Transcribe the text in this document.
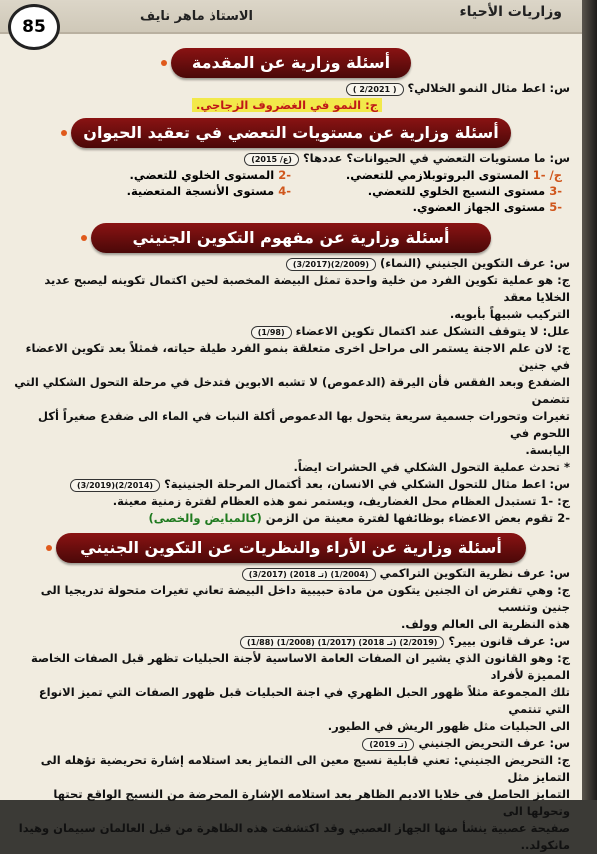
85
الاستاذ ماهر نايف	وزاريات الأحياء
أسئلة وزارية عن المقدمة
س: اعط مثال النمو الخلالي؟( 2/2021 )
ج: النمو في الغضروف الزجاجي.
أسئلة وزارية عن مستويات التعضي في تعقيد الحيوان
س: ما مستويات التعضي في الحيوانات؟ عددها؟(2015 /ع)
ج/ -1 المستوى البروتوبلازمي للتعضي.
-2 المستوى الخلوي للتعضي.
-3 مستوى النسيج الخلوي للتعضي.
-4 مستوى الأنسجة المتعضية.
-5 مستوى الجهاز العضوي.
أسئلة وزارية عن مفهوم التكوين الجنيني
س: عرف التكوين الجنيني (النماء)(3/2017)(2/2009)
ج: هو عملية تكوين الفرد من خلية واحدة تمثل البيضة المخصبة لحين اكتمال تكوينه ليصبح عديد الخلايا معقد
التركيب شبيهاً بأبويه.
علل: لا يتوقف التشكل عند اكتمال تكوين الاعضاء(1/98)
ج: لان علم الاجنة يستمر الى مراحل اخرى متعلقة بنمو الفرد طيلة حياته، فمثلاً بعد تكوين الاعضاء في جنين
الضفدع وبعد الفقس فأن اليرقة (الدعموص) لا تشبه الابوين فتدخل في مرحلة التحول الشكلي التي تتضمن
تغيرات وتحورات جسمية سريعة يتحول بها الدعموص أكلة النبات في الماء الى ضفدع صغيراً أكل اللحوم في
اليابسة.
* تحدث عملية التحول الشكلي في الحشرات ايضاً.
س: اعط مثال للتحول الشكلي في الانسان، بعد أكتمال المرحلة الجنينية؟(3/2019)(2/2014)
ج: -1 تستبدل العظام محل الغضاريف، ويستمر نمو هذه العظام لفترة زمنية معينة.
-2 تقوم بعض الاعضاء بوظائفها لفترة معينة من الزمن (كالمبايض والخصى)
أسئلة وزارية عن الأراء والنظريات عن التكوين الجنيني
س: عرف نظرية التكوين التراكمي(3/2017) (2018 تـ) (1/2004)
ج: وهي تفترض ان الجنين يتكون من مادة حبيبية داخل البيضة تعاني تغيرات متحولة تدريجيا الى جنين وتنسب
هذه النظرية الى العالم وولف.
س: عرف قانون بيير؟(1/88) (1/2008) (1/2017) (2018 تـ) (2/2019)
ج: وهو القانون الذي يشير ان الصفات العامة الاساسية لأجنة الحبليات تظهر قبل الصفات الخاصة المميزة لأفراد
تلك المجموعة مثلاً ظهور الحبل الظهري في اجنة الحبليات قبل ظهور الصفات التي تميز الانواع التي تنتمي
الى الحبليات مثل ظهور الريش في الطيور.
س: عرف التحريض الجنيني(2019 تـ)
ج: التحريض الجنيني: تعني قابلية نسيج معين الى التمايز بعد استلامه إشارة تحريضية تؤهله الى التمايز مثل
التمايز الحاصل في خلايا الاديم الظاهر بعد استلامه الإشارة المحرضة من النسيج الواقع تحتها وتحولها الى
صفيحة عصبية ينشأ منها الجهاز العصبي وقد اكتشفت هذه الظاهرة من قبل العالمان سبيمان وهيدا مانكولد..
